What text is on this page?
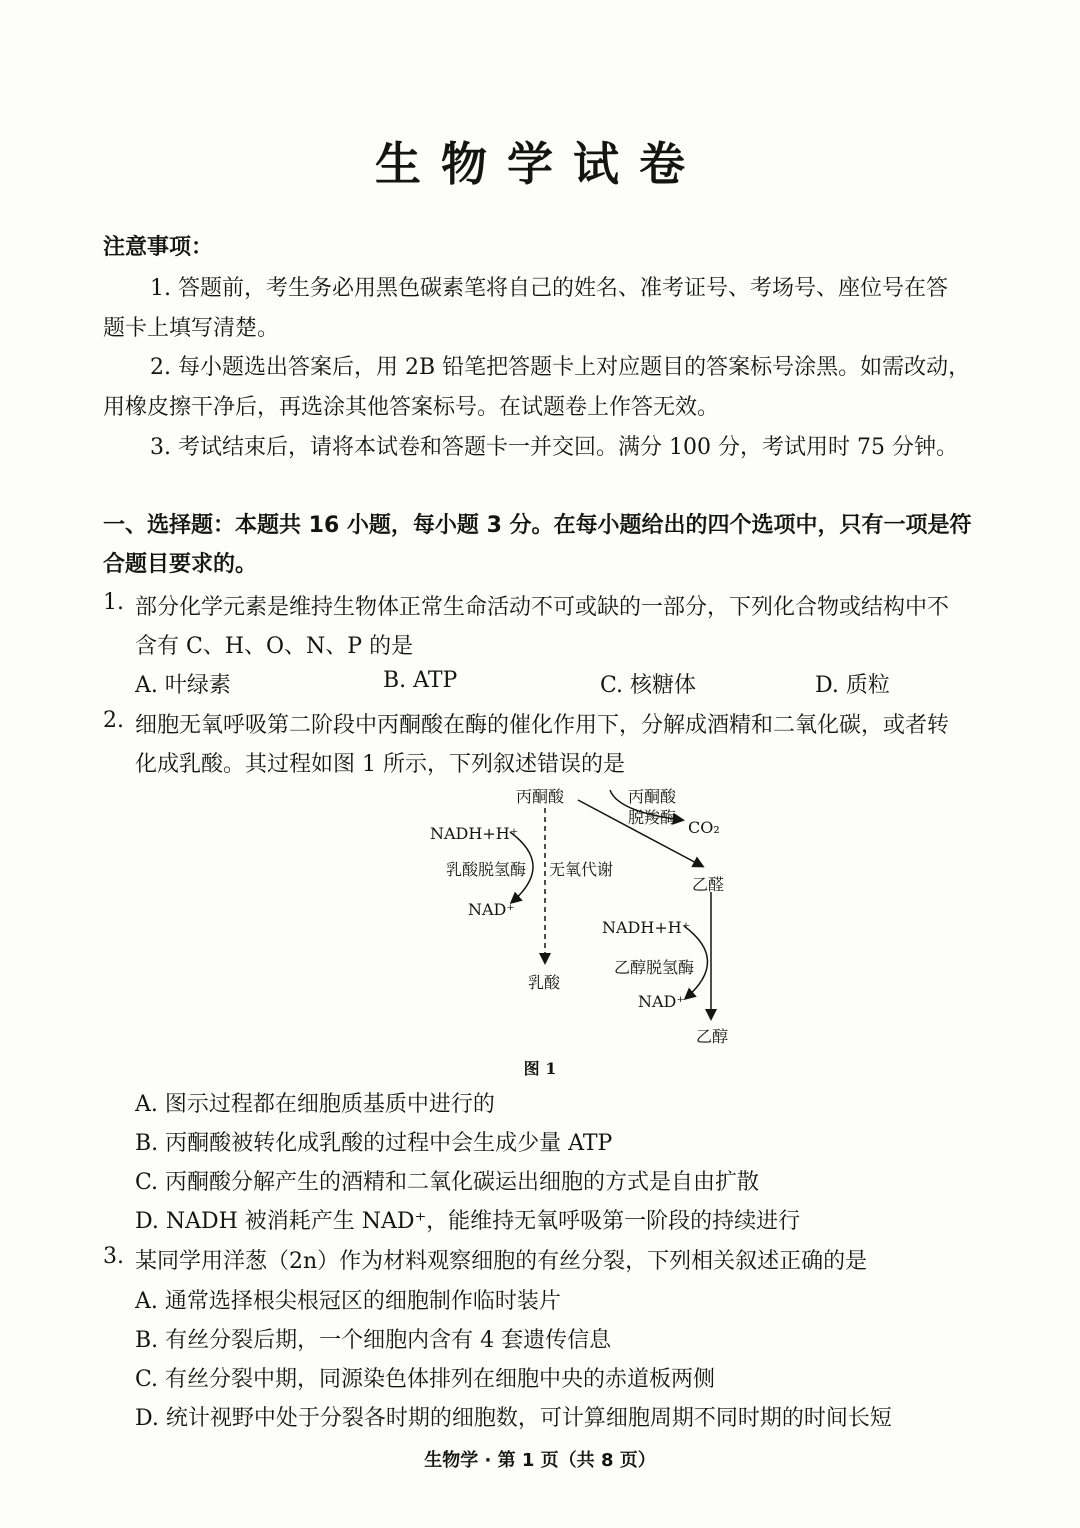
生物学试卷
注意事项：
1. 答题前，考生务必用黑色碳素笔将自己的姓名、准考证号、考场号、座位号在答
题卡上填写清楚。
2. 每小题选出答案后，用 2B 铅笔把答题卡上对应题目的答案标号涂黑。如需改动，
用橡皮擦干净后，再选涂其他答案标号。在试题卷上作答无效。
3. 考试结束后，请将本试卷和答题卡一并交回。满分 100 分，考试用时 75 分钟。
一、选择题：本题共 16 小题，每小题 3 分。在每小题给出的四个选项中，只有一项是符
合题目要求的。
1. 部分化学元素是维持生物体正常生命活动不可或缺的一部分，下列化合物或结构中不
含有 C、H、O、N、P 的是
A. 叶绿素	B. ATP	C. 核糖体	D. 质粒
2. 细胞无氧呼吸第二阶段中丙酮酸在酶的催化作用下，分解成酒精和二氧化碳，或者转
化成乳酸。其过程如图 1 所示，下列叙述错误的是
丙酮酸	丙酮酸
脱羧酶
CO₂
NADH+H⁺
乳酸脱氢酶 无氧代谢
NAD⁺
乳酸
乙醛
NADH+H⁺
乙醇脱氢酶
NAD⁺
乙醇
图 1
A. 图示过程都在细胞质基质中进行的
B. 丙酮酸被转化成乳酸的过程中会生成少量 ATP
C. 丙酮酸分解产生的酒精和二氧化碳运出细胞的方式是自由扩散
D. NADH 被消耗产生 NAD⁺，能维持无氧呼吸第一阶段的持续进行
3. 某同学用洋葱（2n）作为材料观察细胞的有丝分裂，下列相关叙述正确的是
A. 通常选择根尖根冠区的细胞制作临时装片
B. 有丝分裂后期，一个细胞内含有 4 套遗传信息
C. 有丝分裂中期，同源染色体排列在细胞中央的赤道板两侧
D. 统计视野中处于分裂各时期的细胞数，可计算细胞周期不同时期的时间长短
生物学 · 第 1 页（共 8 页）
